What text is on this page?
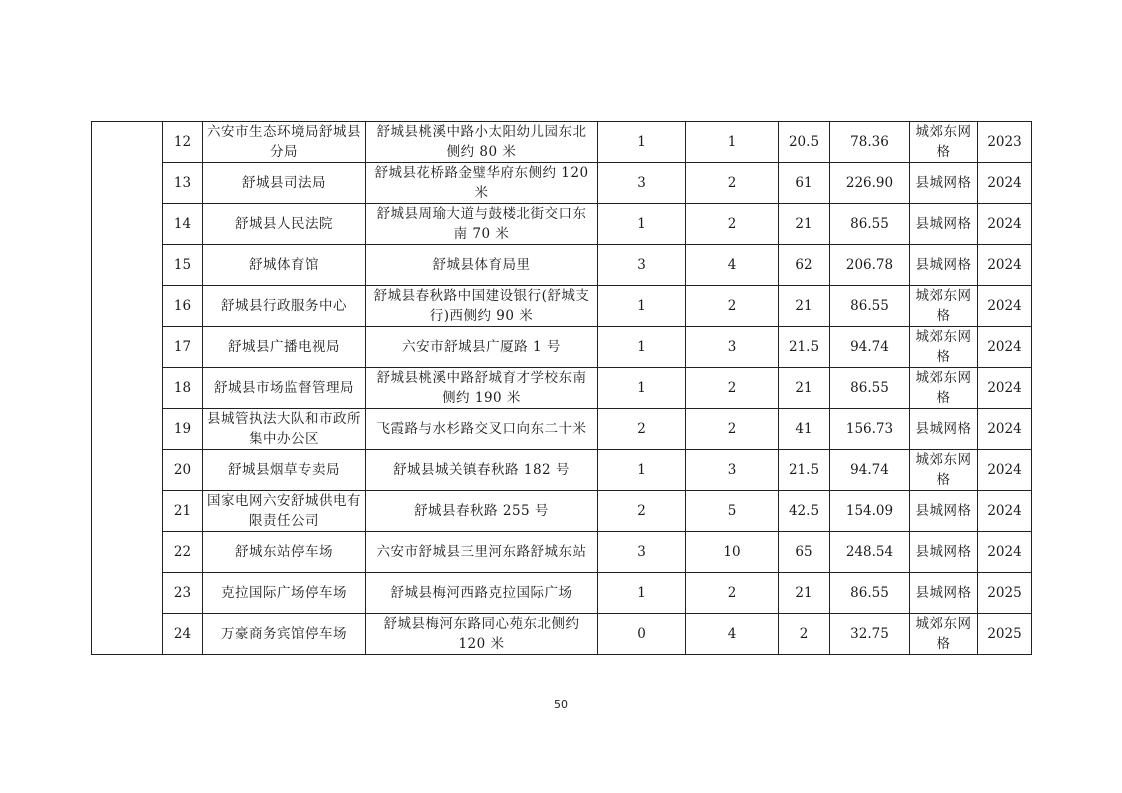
	12	六安市生态环境局舒城县分局	舒城县桃溪中路小太阳幼儿园东北侧约 80 米	1	1	20.5	78.36	城郊东网格	2023
	13	舒城县司法局	舒城县花桥路金璧华府东侧约 120 米	3	2	61	226.90	县城网格	2024
	14	舒城县人民法院	舒城县周瑜大道与鼓楼北街交口东南 70 米	1	2	21	86.55	县城网格	2024
	15	舒城体育馆	舒城县体育局里	3	4	62	206.78	县城网格	2024
	16	舒城县行政服务中心	舒城县春秋路中国建设银行(舒城支行)西侧约 90 米	1	2	21	86.55	城郊东网格	2024
	17	舒城县广播电视局	六安市舒城县广厦路 1 号	1	3	21.5	94.74	城郊东网格	2024
	18	舒城县市场监督管理局	舒城县桃溪中路舒城育才学校东南侧约 190 米	1	2	21	86.55	城郊东网格	2024
	19	县城管执法大队和市政所集中办公区	飞霞路与水杉路交叉口向东二十米	2	2	41	156.73	县城网格	2024
	20	舒城县烟草专卖局	舒城县城关镇春秋路 182 号	1	3	21.5	94.74	城郊东网格	2024
	21	国家电网六安舒城供电有限责任公司	舒城县春秋路 255 号	2	5	42.5	154.09	县城网格	2024
	22	舒城东站停车场	六安市舒城县三里河东路舒城东站	3	10	65	248.54	县城网格	2024
	23	克拉国际广场停车场	舒城县梅河西路克拉国际广场	1	2	21	86.55	县城网格	2025
	24	万豪商务宾馆停车场	舒城县梅河东路同心苑东北侧约 120 米	0	4	2	32.75	城郊东网格	2025
50
